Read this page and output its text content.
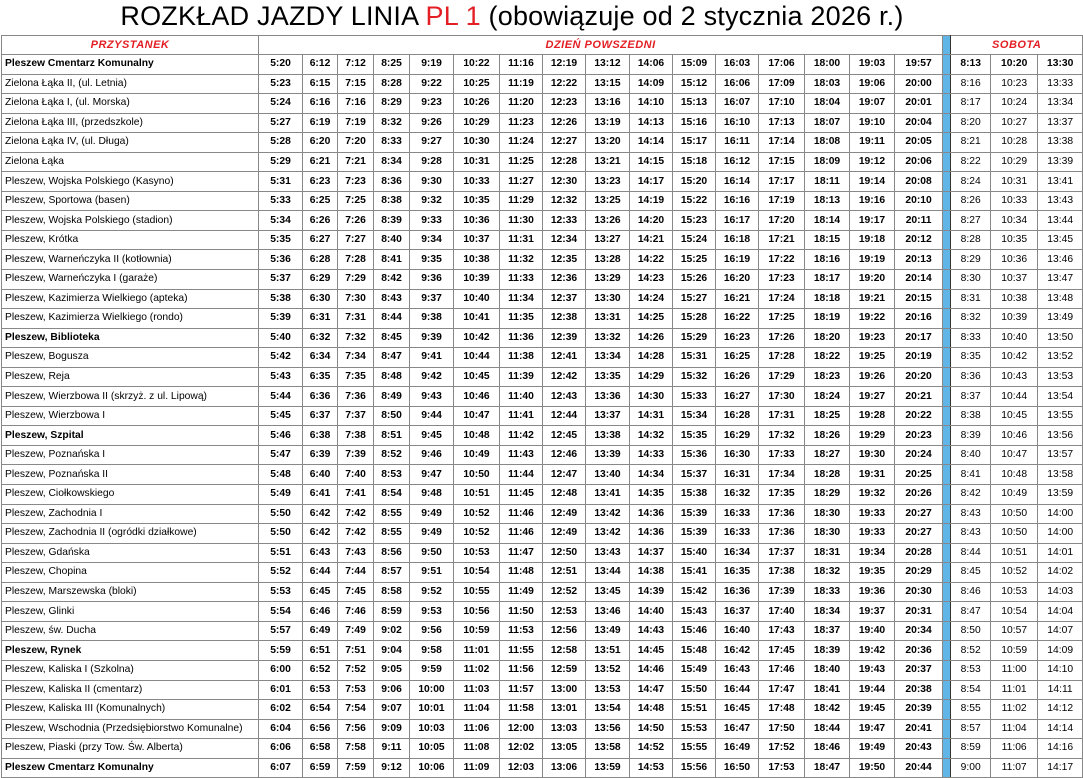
ROZKŁAD JAZDY LINIA PL 1 (obowiązuje od 2 stycznia 2026 r.)
PRZYSTANEK	DZIEŃ POWSZEDNI																	SOBOTA		
Pleszew Cmentarz Komunalny	5:20	6:12	7:12	8:25	9:19	10:22	11:16	12:19	13:12	14:06	15:09	16:03	17:06	18:00	19:03	19:57		8:13	10:20	13:30
Zielona Łąka II, (ul. Letnia)	5:23	6:15	7:15	8:28	9:22	10:25	11:19	12:22	13:15	14:09	15:12	16:06	17:09	18:03	19:06	20:00		8:16	10:23	13:33
Zielona Łąka I, (ul. Morska)	5:24	6:16	7:16	8:29	9:23	10:26	11:20	12:23	13:16	14:10	15:13	16:07	17:10	18:04	19:07	20:01		8:17	10:24	13:34
Zielona Łąka III, (przedszkole)	5:27	6:19	7:19	8:32	9:26	10:29	11:23	12:26	13:19	14:13	15:16	16:10	17:13	18:07	19:10	20:04		8:20	10:27	13:37
Zielona Łąka IV, (ul. Długa)	5:28	6:20	7:20	8:33	9:27	10:30	11:24	12:27	13:20	14:14	15:17	16:11	17:14	18:08	19:11	20:05		8:21	10:28	13:38
Zielona Łąka	5:29	6:21	7:21	8:34	9:28	10:31	11:25	12:28	13:21	14:15	15:18	16:12	17:15	18:09	19:12	20:06		8:22	10:29	13:39
Pleszew, Wojska Polskiego (Kasyno)	5:31	6:23	7:23	8:36	9:30	10:33	11:27	12:30	13:23	14:17	15:20	16:14	17:17	18:11	19:14	20:08		8:24	10:31	13:41
Pleszew, Sportowa (basen)	5:33	6:25	7:25	8:38	9:32	10:35	11:29	12:32	13:25	14:19	15:22	16:16	17:19	18:13	19:16	20:10		8:26	10:33	13:43
Pleszew, Wojska Polskiego (stadion)	5:34	6:26	7:26	8:39	9:33	10:36	11:30	12:33	13:26	14:20	15:23	16:17	17:20	18:14	19:17	20:11		8:27	10:34	13:44
Pleszew, Krótka	5:35	6:27	7:27	8:40	9:34	10:37	11:31	12:34	13:27	14:21	15:24	16:18	17:21	18:15	19:18	20:12		8:28	10:35	13:45
Pleszew, Warneńczyka II (kotłownia)	5:36	6:28	7:28	8:41	9:35	10:38	11:32	12:35	13:28	14:22	15:25	16:19	17:22	18:16	19:19	20:13		8:29	10:36	13:46
Pleszew, Warneńczyka I (garaże)	5:37	6:29	7:29	8:42	9:36	10:39	11:33	12:36	13:29	14:23	15:26	16:20	17:23	18:17	19:20	20:14		8:30	10:37	13:47
Pleszew, Kazimierza Wielkiego (apteka)	5:38	6:30	7:30	8:43	9:37	10:40	11:34	12:37	13:30	14:24	15:27	16:21	17:24	18:18	19:21	20:15		8:31	10:38	13:48
Pleszew, Kazimierza Wielkiego (rondo)	5:39	6:31	7:31	8:44	9:38	10:41	11:35	12:38	13:31	14:25	15:28	16:22	17:25	18:19	19:22	20:16		8:32	10:39	13:49
Pleszew, Biblioteka	5:40	6:32	7:32	8:45	9:39	10:42	11:36	12:39	13:32	14:26	15:29	16:23	17:26	18:20	19:23	20:17		8:33	10:40	13:50
Pleszew, Bogusza	5:42	6:34	7:34	8:47	9:41	10:44	11:38	12:41	13:34	14:28	15:31	16:25	17:28	18:22	19:25	20:19		8:35	10:42	13:52
Pleszew, Reja	5:43	6:35	7:35	8:48	9:42	10:45	11:39	12:42	13:35	14:29	15:32	16:26	17:29	18:23	19:26	20:20		8:36	10:43	13:53
Pleszew, Wierzbowa II (skrzyż. z ul. Lipową)	5:44	6:36	7:36	8:49	9:43	10:46	11:40	12:43	13:36	14:30	15:33	16:27	17:30	18:24	19:27	20:21		8:37	10:44	13:54
Pleszew, Wierzbowa I	5:45	6:37	7:37	8:50	9:44	10:47	11:41	12:44	13:37	14:31	15:34	16:28	17:31	18:25	19:28	20:22		8:38	10:45	13:55
Pleszew, Szpital	5:46	6:38	7:38	8:51	9:45	10:48	11:42	12:45	13:38	14:32	15:35	16:29	17:32	18:26	19:29	20:23		8:39	10:46	13:56
Pleszew, Poznańska I	5:47	6:39	7:39	8:52	9:46	10:49	11:43	12:46	13:39	14:33	15:36	16:30	17:33	18:27	19:30	20:24		8:40	10:47	13:57
Pleszew, Poznańska II	5:48	6:40	7:40	8:53	9:47	10:50	11:44	12:47	13:40	14:34	15:37	16:31	17:34	18:28	19:31	20:25		8:41	10:48	13:58
Pleszew, Ciołkowskiego	5:49	6:41	7:41	8:54	9:48	10:51	11:45	12:48	13:41	14:35	15:38	16:32	17:35	18:29	19:32	20:26		8:42	10:49	13:59
Pleszew, Zachodnia I	5:50	6:42	7:42	8:55	9:49	10:52	11:46	12:49	13:42	14:36	15:39	16:33	17:36	18:30	19:33	20:27		8:43	10:50	14:00
Pleszew, Zachodnia II (ogródki działkowe)	5:50	6:42	7:42	8:55	9:49	10:52	11:46	12:49	13:42	14:36	15:39	16:33	17:36	18:30	19:33	20:27		8:43	10:50	14:00
Pleszew, Gdańska	5:51	6:43	7:43	8:56	9:50	10:53	11:47	12:50	13:43	14:37	15:40	16:34	17:37	18:31	19:34	20:28		8:44	10:51	14:01
Pleszew, Chopina	5:52	6:44	7:44	8:57	9:51	10:54	11:48	12:51	13:44	14:38	15:41	16:35	17:38	18:32	19:35	20:29		8:45	10:52	14:02
Pleszew, Marszewska (bloki)	5:53	6:45	7:45	8:58	9:52	10:55	11:49	12:52	13:45	14:39	15:42	16:36	17:39	18:33	19:36	20:30		8:46	10:53	14:03
Pleszew, Glinki	5:54	6:46	7:46	8:59	9:53	10:56	11:50	12:53	13:46	14:40	15:43	16:37	17:40	18:34	19:37	20:31		8:47	10:54	14:04
Pleszew, św. Ducha	5:57	6:49	7:49	9:02	9:56	10:59	11:53	12:56	13:49	14:43	15:46	16:40	17:43	18:37	19:40	20:34		8:50	10:57	14:07
Pleszew, Rynek	5:59	6:51	7:51	9:04	9:58	11:01	11:55	12:58	13:51	14:45	15:48	16:42	17:45	18:39	19:42	20:36		8:52	10:59	14:09
Pleszew, Kaliska I (Szkolna)	6:00	6:52	7:52	9:05	9:59	11:02	11:56	12:59	13:52	14:46	15:49	16:43	17:46	18:40	19:43	20:37		8:53	11:00	14:10
Pleszew, Kaliska II (cmentarz)	6:01	6:53	7:53	9:06	10:00	11:03	11:57	13:00	13:53	14:47	15:50	16:44	17:47	18:41	19:44	20:38		8:54	11:01	14:11
Pleszew, Kaliska III (Komunalnych)	6:02	6:54	7:54	9:07	10:01	11:04	11:58	13:01	13:54	14:48	15:51	16:45	17:48	18:42	19:45	20:39		8:55	11:02	14:12
Pleszew, Wschodnia (Przedsiębiorstwo Komunalne)	6:04	6:56	7:56	9:09	10:03	11:06	12:00	13:03	13:56	14:50	15:53	16:47	17:50	18:44	19:47	20:41		8:57	11:04	14:14
Pleszew, Piaski (przy Tow. Św. Alberta)	6:06	6:58	7:58	9:11	10:05	11:08	12:02	13:05	13:58	14:52	15:55	16:49	17:52	18:46	19:49	20:43		8:59	11:06	14:16
Pleszew Cmentarz Komunalny	6:07	6:59	7:59	9:12	10:06	11:09	12:03	13:06	13:59	14:53	15:56	16:50	17:53	18:47	19:50	20:44		9:00	11:07	14:17
